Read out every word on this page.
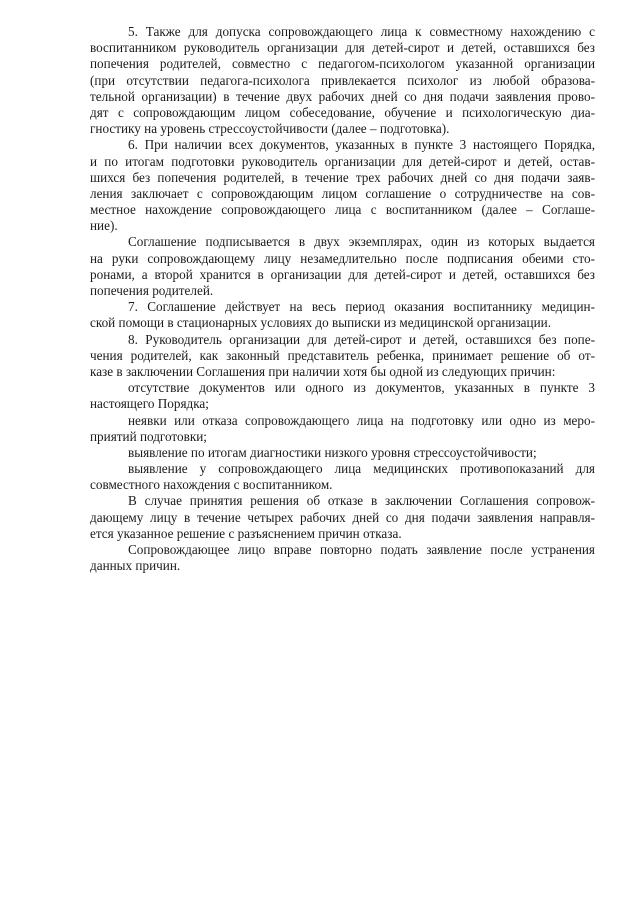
5. Также для допуска сопровождающего лица к совместному нахождению с
воспитанником руководитель организации для детей-сирот и детей, оставшихся без
попечения родителей, совместно с педагогом-психологом указанной организации
(при отсутствии педагога-психолога привлекается психолог из любой образова-
тельной организации) в течение двух рабочих дней со дня подачи заявления прово-
дят с сопровождающим лицом собеседование, обучение и психологическую диа-
гностику на уровень стрессоустойчивости (далее – подготовка).
6. При наличии всех документов, указанных в пункте 3 настоящего Порядка,
и по итогам подготовки руководитель организации для детей-сирот и детей, остав-
шихся без попечения родителей, в течение трех рабочих дней со дня подачи заяв-
ления заключает с сопровождающим лицом соглашение о сотрудничестве на сов-
местное нахождение сопровождающего лица с воспитанником (далее – Соглаше-
ние).
Соглашение подписывается в двух экземплярах, один из которых выдается
на руки сопровождающему лицу незамедлительно после подписания обеими сто-
ронами, а второй хранится в организации для детей-сирот и детей, оставшихся без
попечения родителей.
7. Соглашение действует на весь период оказания воспитаннику медицин-
ской помощи в стационарных условиях до выписки из медицинской организации.
8. Руководитель организации для детей-сирот и детей, оставшихся без попе-
чения родителей, как законный представитель ребенка, принимает решение об от-
казе в заключении Соглашения при наличии хотя бы одной из следующих причин:
отсутствие документов или одного из документов, указанных в пункте 3
настоящего Порядка;
неявки или отказа сопровождающего лица на подготовку или одно из меро-
приятий подготовки;
выявление по итогам диагностики низкого уровня стрессоустойчивости;
выявление у сопровождающего лица медицинских противопоказаний для
совместного нахождения с воспитанником.
В случае принятия решения об отказе в заключении Соглашения сопровож-
дающему лицу в течение четырех рабочих дней со дня подачи заявления направля-
ется указанное решение с разъяснением причин отказа.
Сопровождающее лицо вправе повторно подать заявление после устранения
данных причин.
